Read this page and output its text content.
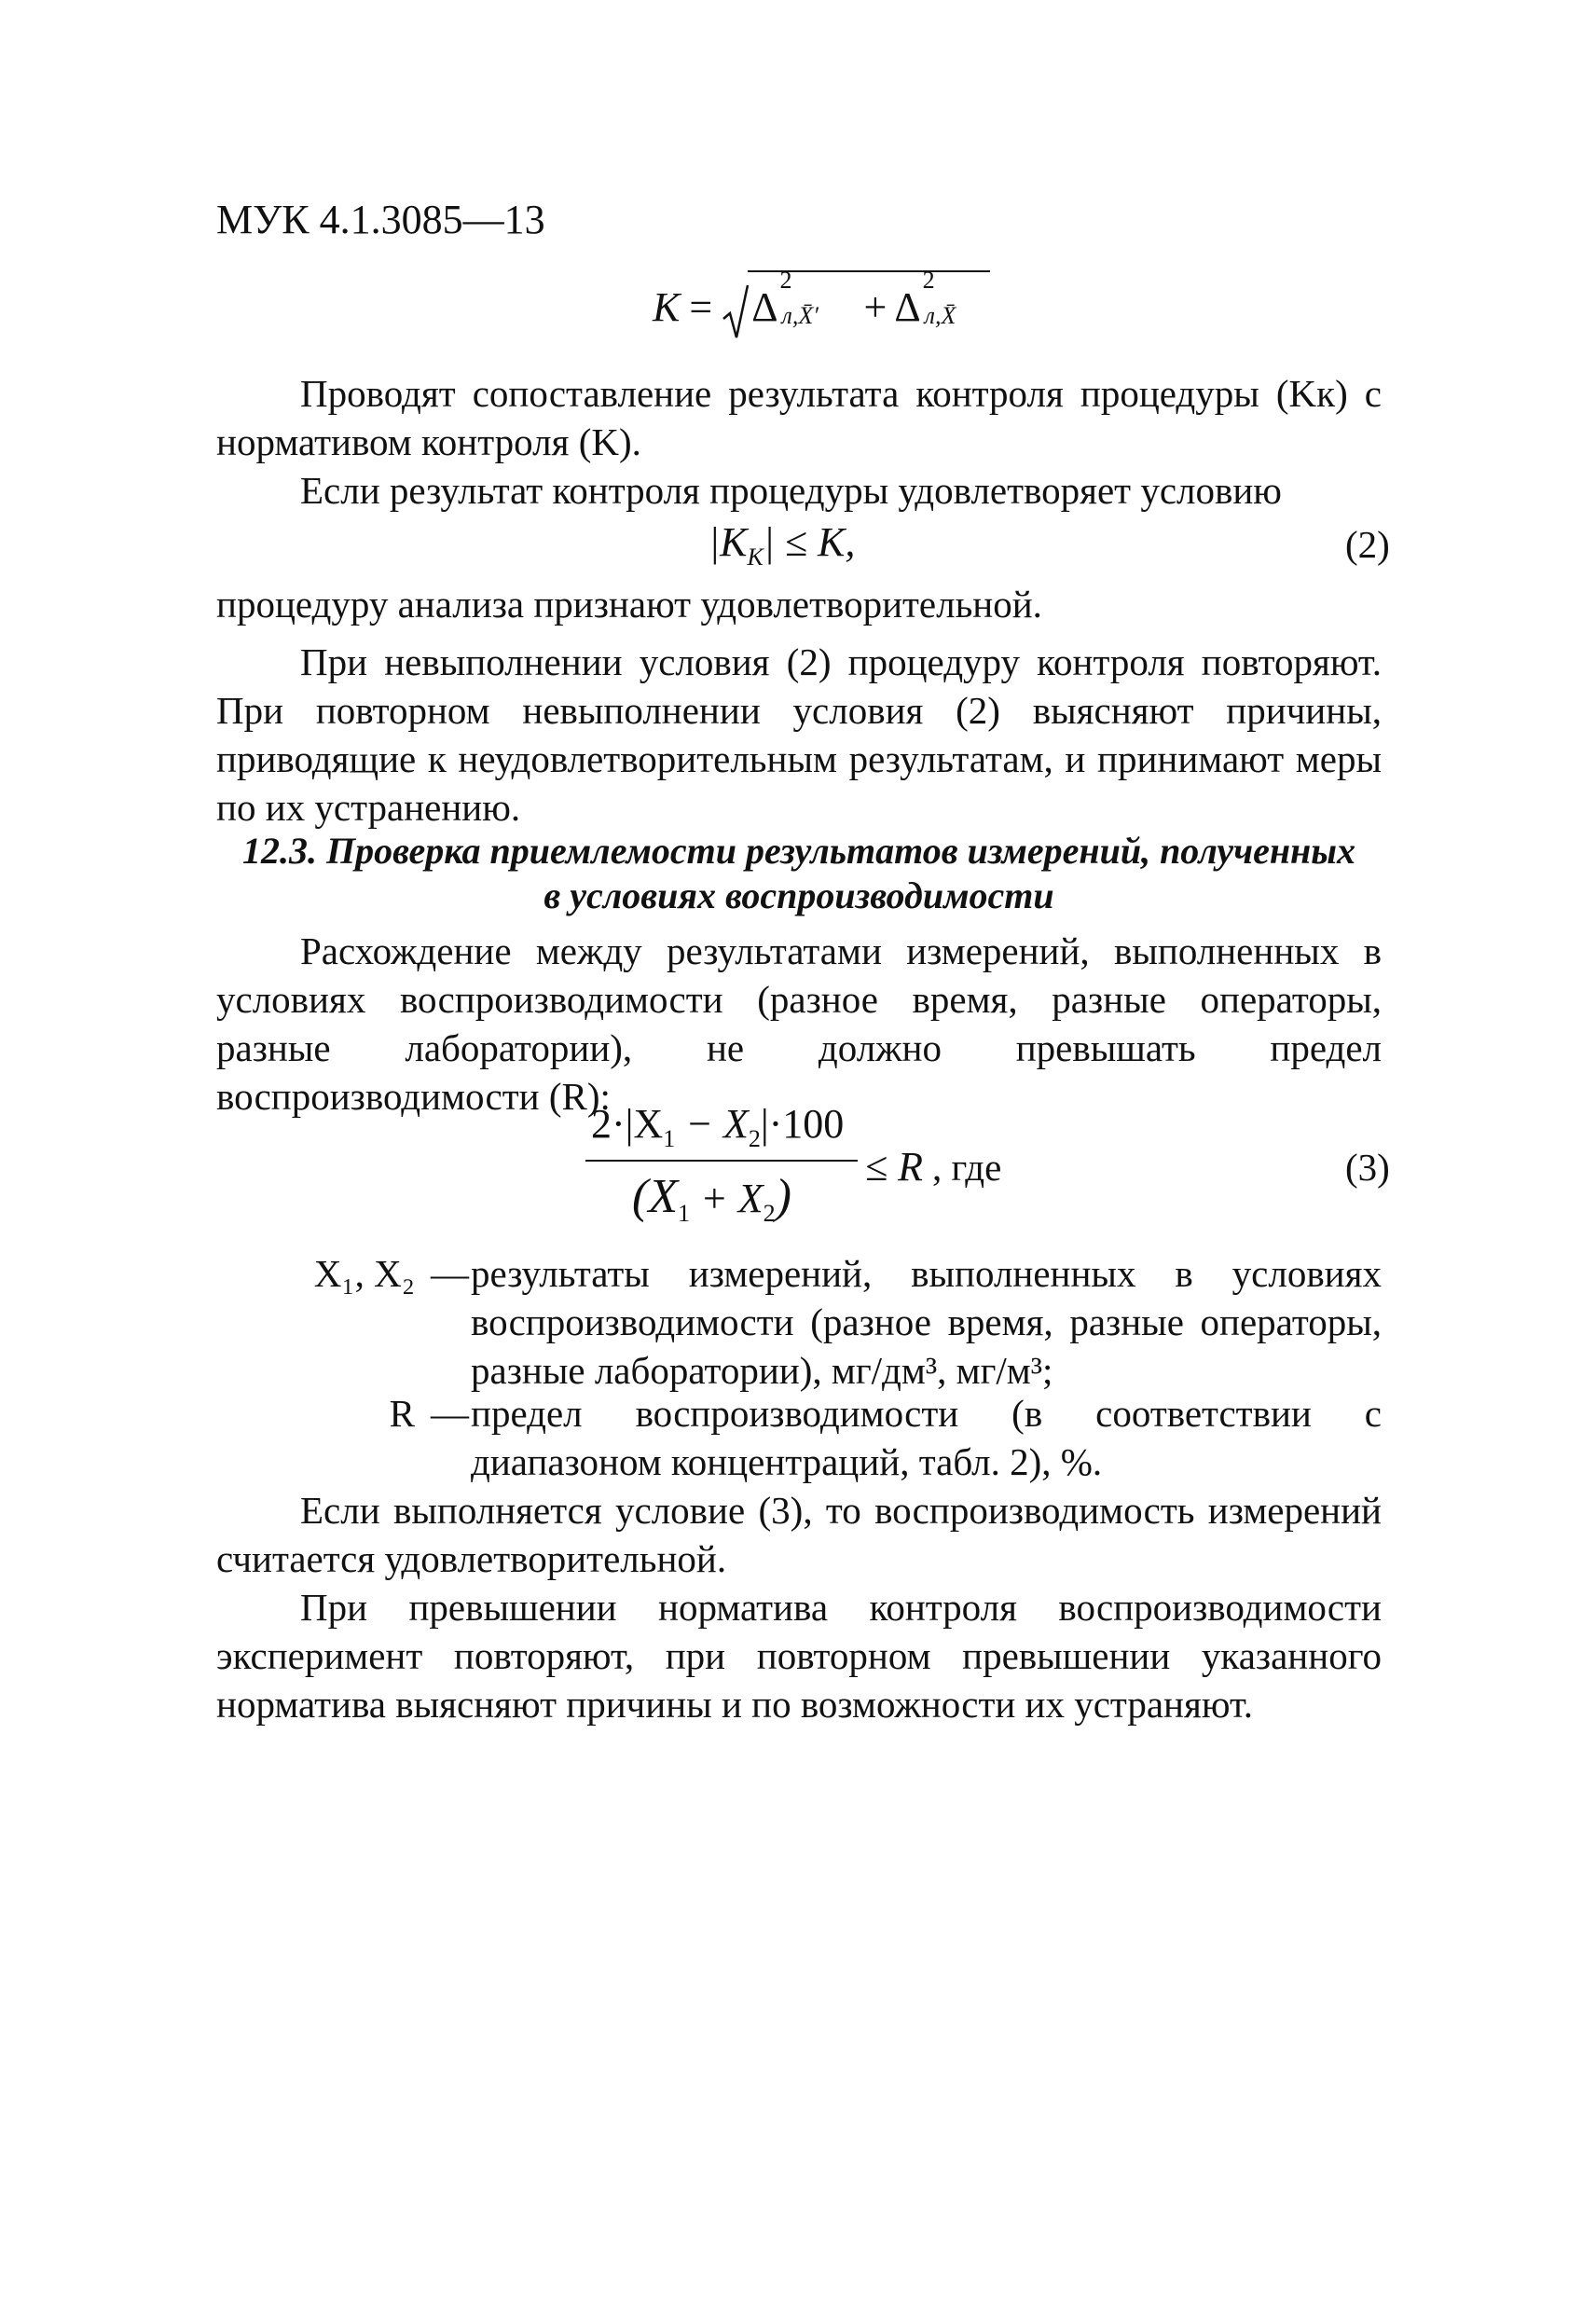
МУК 4.1.3085—13
K = Δ
2
л,X̄′ + Δ
2
л,X̄
Проводят сопоставление результата контроля процедуры (Kк) с нормативом контроля (K).
Если результат контроля процедуры удовлетворяет условию
|KK| ≤ K,	(2)
процедуру анализа признают удовлетворительной.
При невыполнении условия (2) процедуру контроля повторяют. При повторном невыполнении условия (2) выясняют причины, приводящие к неудовлетворительным результатам, и принимают меры по их устранению.
12.3. Проверка приемлемости результатов измерений, полученных
в условиях воспроизводимости
Расхождение между результатами измерений, выполненных в условиях воспроизводимости (разное время, разные операторы, разные лаборатории), не должно превышать предел воспроизводимости (R):
2·|X1 − X2|·100
(X1 + X2)
≤ R , где	(3)
X₁, X₂ — результаты измерений, выполненных в условиях воспроизводимости (разное время, разные операторы, разные лаборатории), мг/дм³, мг/м³;
R — предел воспроизводимости (в соответствии с диапазоном концентраций, табл. 2), %.
Если выполняется условие (3), то воспроизводимость измерений считается удовлетворительной.
При превышении норматива контроля воспроизводимости эксперимент повторяют, при повторном превышении указанного норматива выясняют причины и по возможности их устраняют.
